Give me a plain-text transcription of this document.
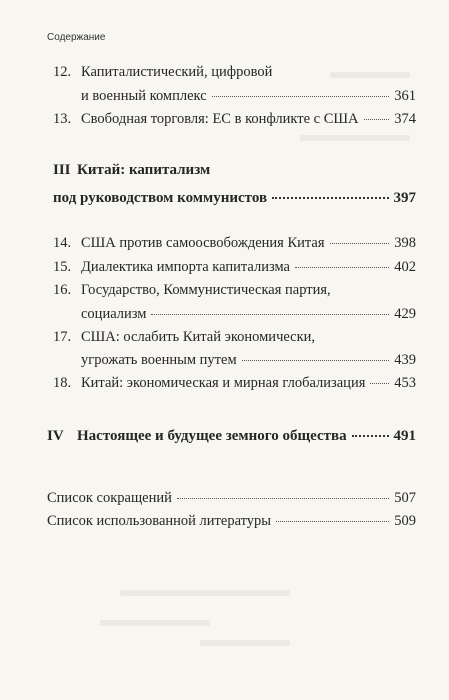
Содержание
12. Капиталистический, цифровой
и военный комплекс	361
13. Свободная торговля: ЕС в конфликте с США 374
III Китай: капитализм
под руководством коммунистов	397
14. США против самоосвобождения Китая	398
15. Диалектика импорта капитализма	402
16. Государство, Коммунистическая партия,
социализм	429
17. США: ослабить Китай экономически,
угрожать военным путем	439
18. Китай: экономическая и мирная глобализация 453
IV Настоящее и будущее земного общества	491
Список сокращений	507
Список использованной литературы	509
